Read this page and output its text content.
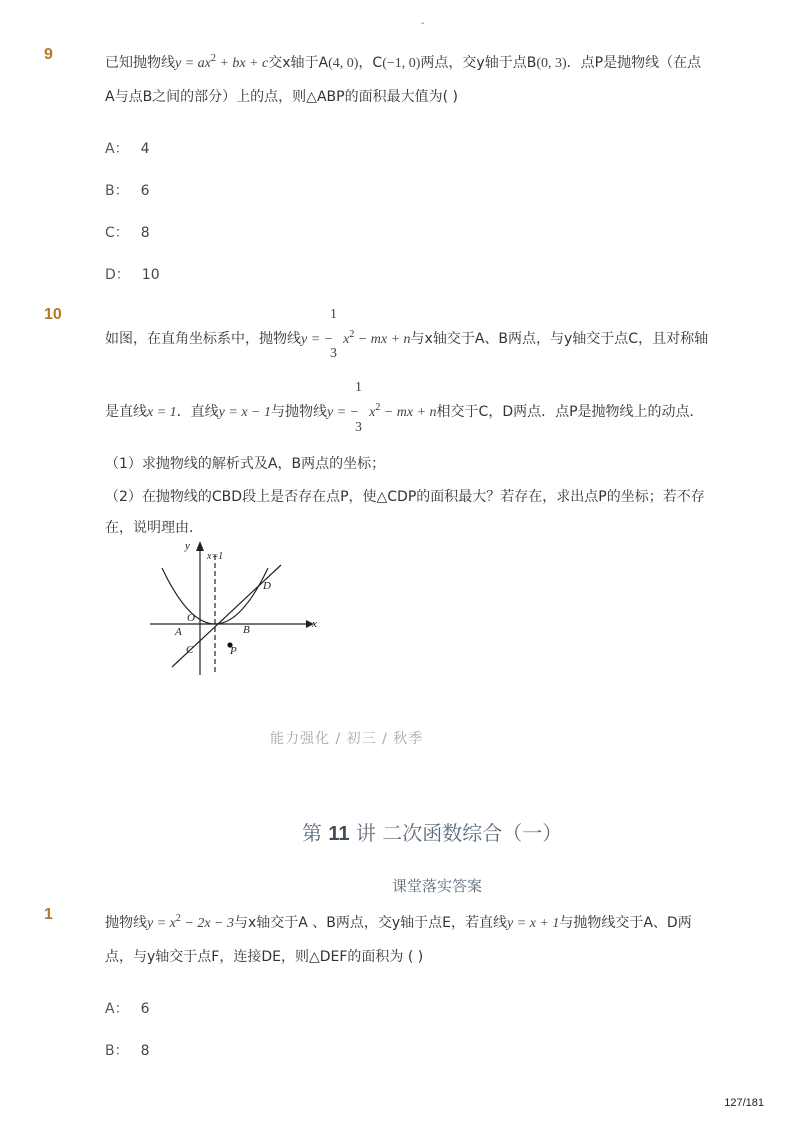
-
9	已知抛物线$y = ax^2$ + bx + c交x轴于A(4, 0)，C(−1, 0)两点，交y轴于点B(0, 3)．点P是抛物线（在点
A与点B之间的部分）上的点，则△ABP的面积最大值为( )
A： 4
B： 6
C： 8
D： 10
10	1
3
如图，在直角坐标系中，抛物线y = − $x^2$ − mx + n与x轴交于A、B两点，与y轴交于点C，且对称轴
1
3
是直线x = 1．直线y = x − 1与抛物线y = − $x^2$ − mx + n相交于C，D两点．点P是抛物线上的动点．
（1）求抛物线的解析式及A，B两点的坐标；
（2）在抛物线的CBD段上是否存在点P，使△CDP的面积最大？若存在，求出点P的坐标；若不存
在，说明理由．
y
x
x=1
O
A	B
C
D
P
能力强化 / 初三 / 秋季
第 11 讲 二次函数综合（一）
课堂落实答案
1	抛物线$y = x^2 - 2x - 3$与x轴交于A 、B两点，交y轴于点E，若直线y = x + 1与抛物线交于A、D两
点，与y轴交于点F，连接DE，则△DEF的面积为 ( )
A： 6
B： 8
127/181
